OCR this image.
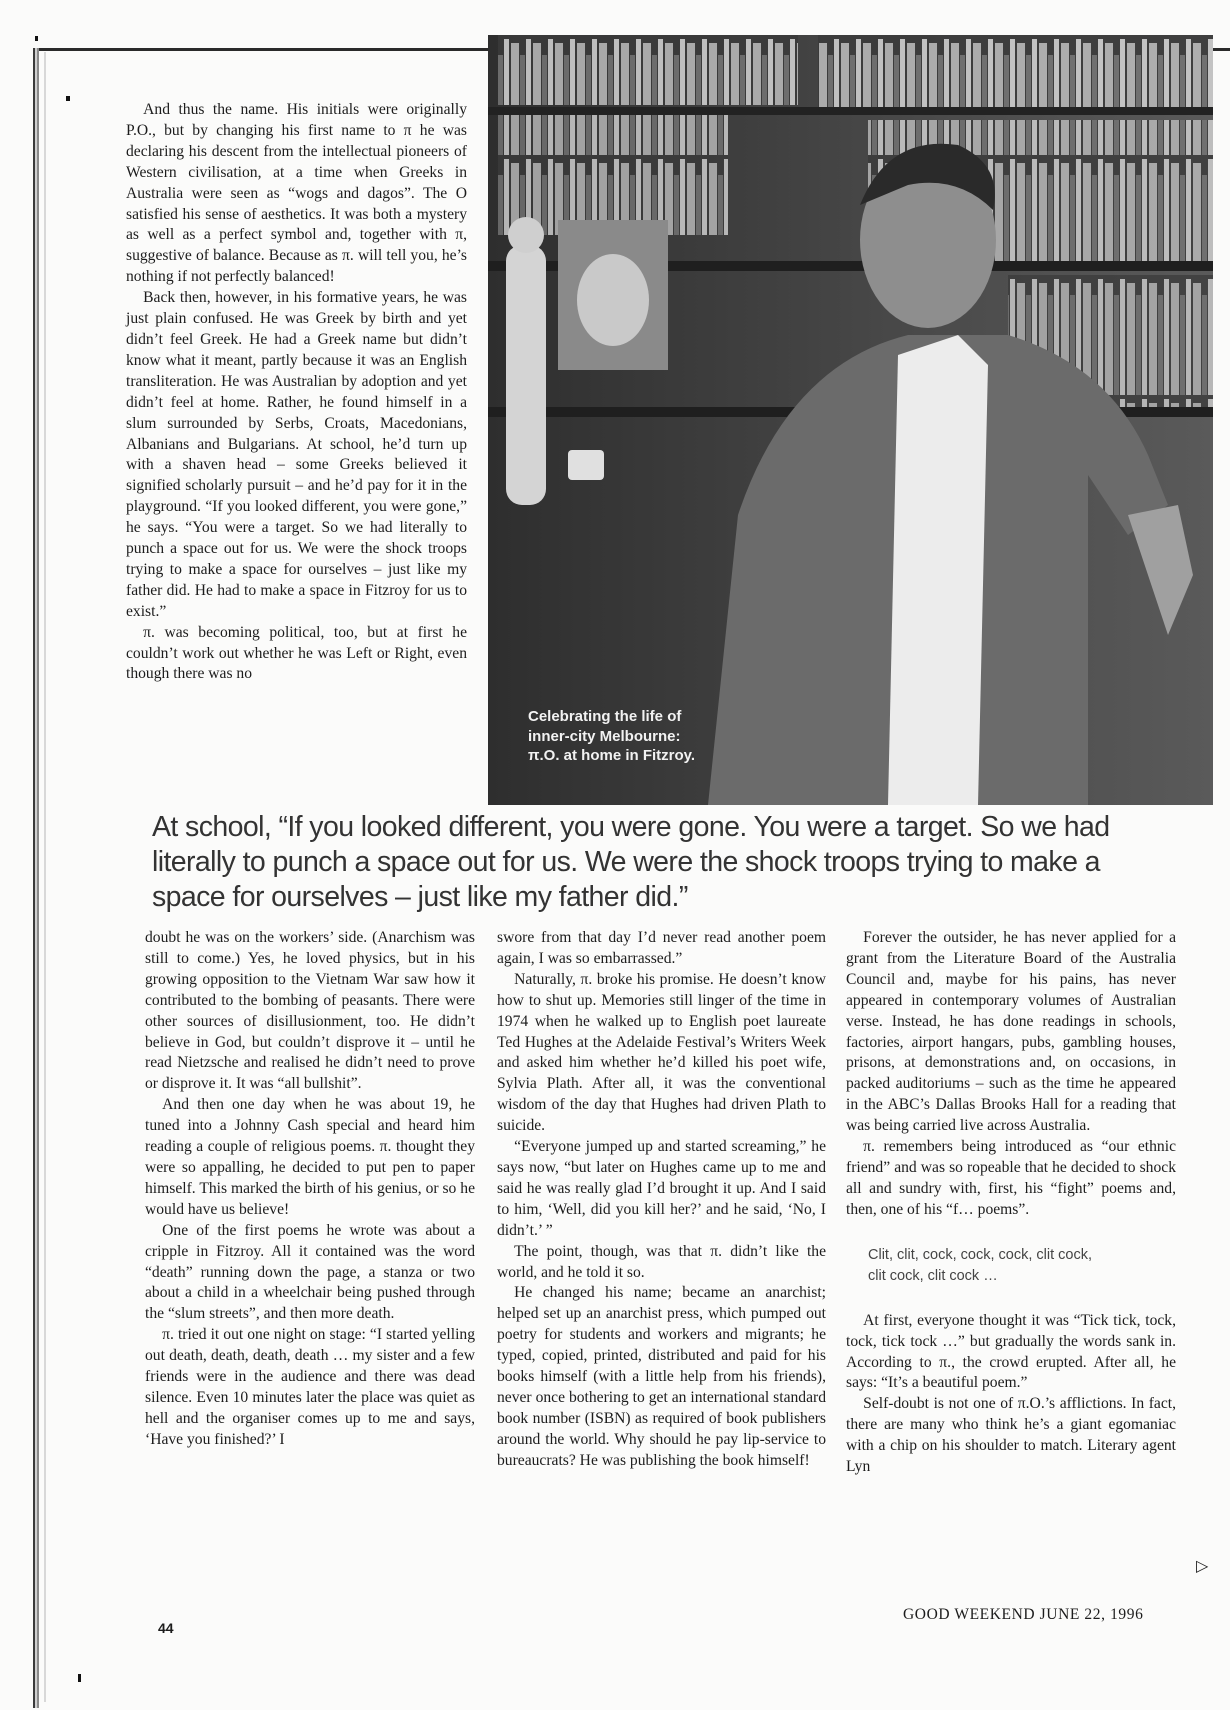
Celebrating the life of inner-city Melbourne: π.O. at home in Fitzroy.

And thus the name. His initials were originally P.O., but by changing his first name to π he was declaring his descent from the intellectual pioneers of Western civilisation, at a time when Greeks in Australia were seen as “wogs and dagos”. The O satisfied his sense of aesthetics. It was both a mystery as well as a perfect symbol and, together with π, suggestive of balance. Because as π. will tell you, he’s nothing if not perfectly balanced!

Back then, however, in his formative years, he was just plain confused. He was Greek by birth and yet didn’t feel Greek. He had a Greek name but didn’t know what it meant, partly because it was an English transliteration. He was Australian by adoption and yet didn’t feel at home. Rather, he found himself in a slum surrounded by Serbs, Croats, Macedonians, Albanians and Bulgarians. At school, he’d turn up with a shaven head – some Greeks believed it signified scholarly pursuit – and he’d pay for it in the playground. “If you looked different, you were gone,” he says. “You were a target. So we had literally to punch a space out for us. We were the shock troops trying to make a space for ourselves – just like my father did. He had to make a space in Fitzroy for us to exist.”

π. was becoming political, too, but at first he couldn’t work out whether he was Left or Right, even though there was no

At school, “If you looked different, you were gone. You were a target. So we had literally to punch a space out for us. We were the shock troops trying to make a space for ourselves – just like my father did.”

doubt he was on the workers’ side. (Anarchism was still to come.) Yes, he loved physics, but in his growing opposition to the Vietnam War saw how it contributed to the bombing of peasants. There were other sources of disillusionment, too. He didn’t believe in God, but couldn’t disprove it – until he read Nietzsche and realised he didn’t need to prove or disprove it. It was “all bullshit”.

And then one day when he was about 19, he tuned into a Johnny Cash special and heard him reading a couple of religious poems. π. thought they were so appalling, he decided to put pen to paper himself. This marked the birth of his genius, or so he would have us believe!

One of the first poems he wrote was about a cripple in Fitzroy. All it contained was the word “death” running down the page, a stanza or two about a child in a wheelchair being pushed through the “slum streets”, and then more death.

π. tried it out one night on stage: “I started yelling out death, death, death, death … my sister and a few friends were in the audience and there was dead silence. Even 10 minutes later the place was quiet as hell and the organiser comes up to me and says, ‘Have you finished?’ I

swore from that day I’d never read another poem again, I was so embarrassed.”

Naturally, π. broke his promise. He doesn’t know how to shut up. Memories still linger of the time in 1974 when he walked up to English poet laureate Ted Hughes at the Adelaide Festival’s Writers Week and asked him whether he’d killed his poet wife, Sylvia Plath. After all, it was the conventional wisdom of the day that Hughes had driven Plath to suicide.

“Everyone jumped up and started screaming,” he says now, “but later on Hughes came up to me and said he was really glad I’d brought it up. And I said to him, ‘Well, did you kill her?’ and he said, ‘No, I didn’t.’ ”

The point, though, was that π. didn’t like the world, and he told it so.

He changed his name; became an anarchist; helped set up an anarchist press, which pumped out poetry for students and workers and migrants; he typed, copied, printed, distributed and paid for his books himself (with a little help from his friends), never once bothering to get an international standard book number (ISBN) as required of book publishers around the world. Why should he pay lip-service to bureaucrats? He was publishing the book himself!

Forever the outsider, he has never applied for a grant from the Literature Board of the Australia Council and, maybe for his pains, has never appeared in contemporary volumes of Australian verse. Instead, he has done readings in schools, factories, airport hangars, pubs, gambling houses, prisons, at demonstrations and, on occasions, in packed auditoriums – such as the time he appeared in the ABC’s Dallas Brooks Hall for a reading that was being carried live across Australia.

π. remembers being introduced as “our ethnic friend” and was so ropeable that he decided to shock all and sundry with, first, his “fight” poems and, then, one of his “f… poems”.

Clit, clit, cock, cock, cock, clit cock,
clit cock, clit cock …

At first, everyone thought it was “Tick tick, tock, tock, tick tock …” but gradually the words sank in. According to π., the crowd erupted. After all, he says: “It’s a beautiful poem.”

Self-doubt is not one of π.O.’s afflictions. In fact, there are many who think he’s a giant egomaniac with a chip on his shoulder to match. Literary agent Lyn

▷
44
GOOD WEEKEND JUNE 22, 1996
